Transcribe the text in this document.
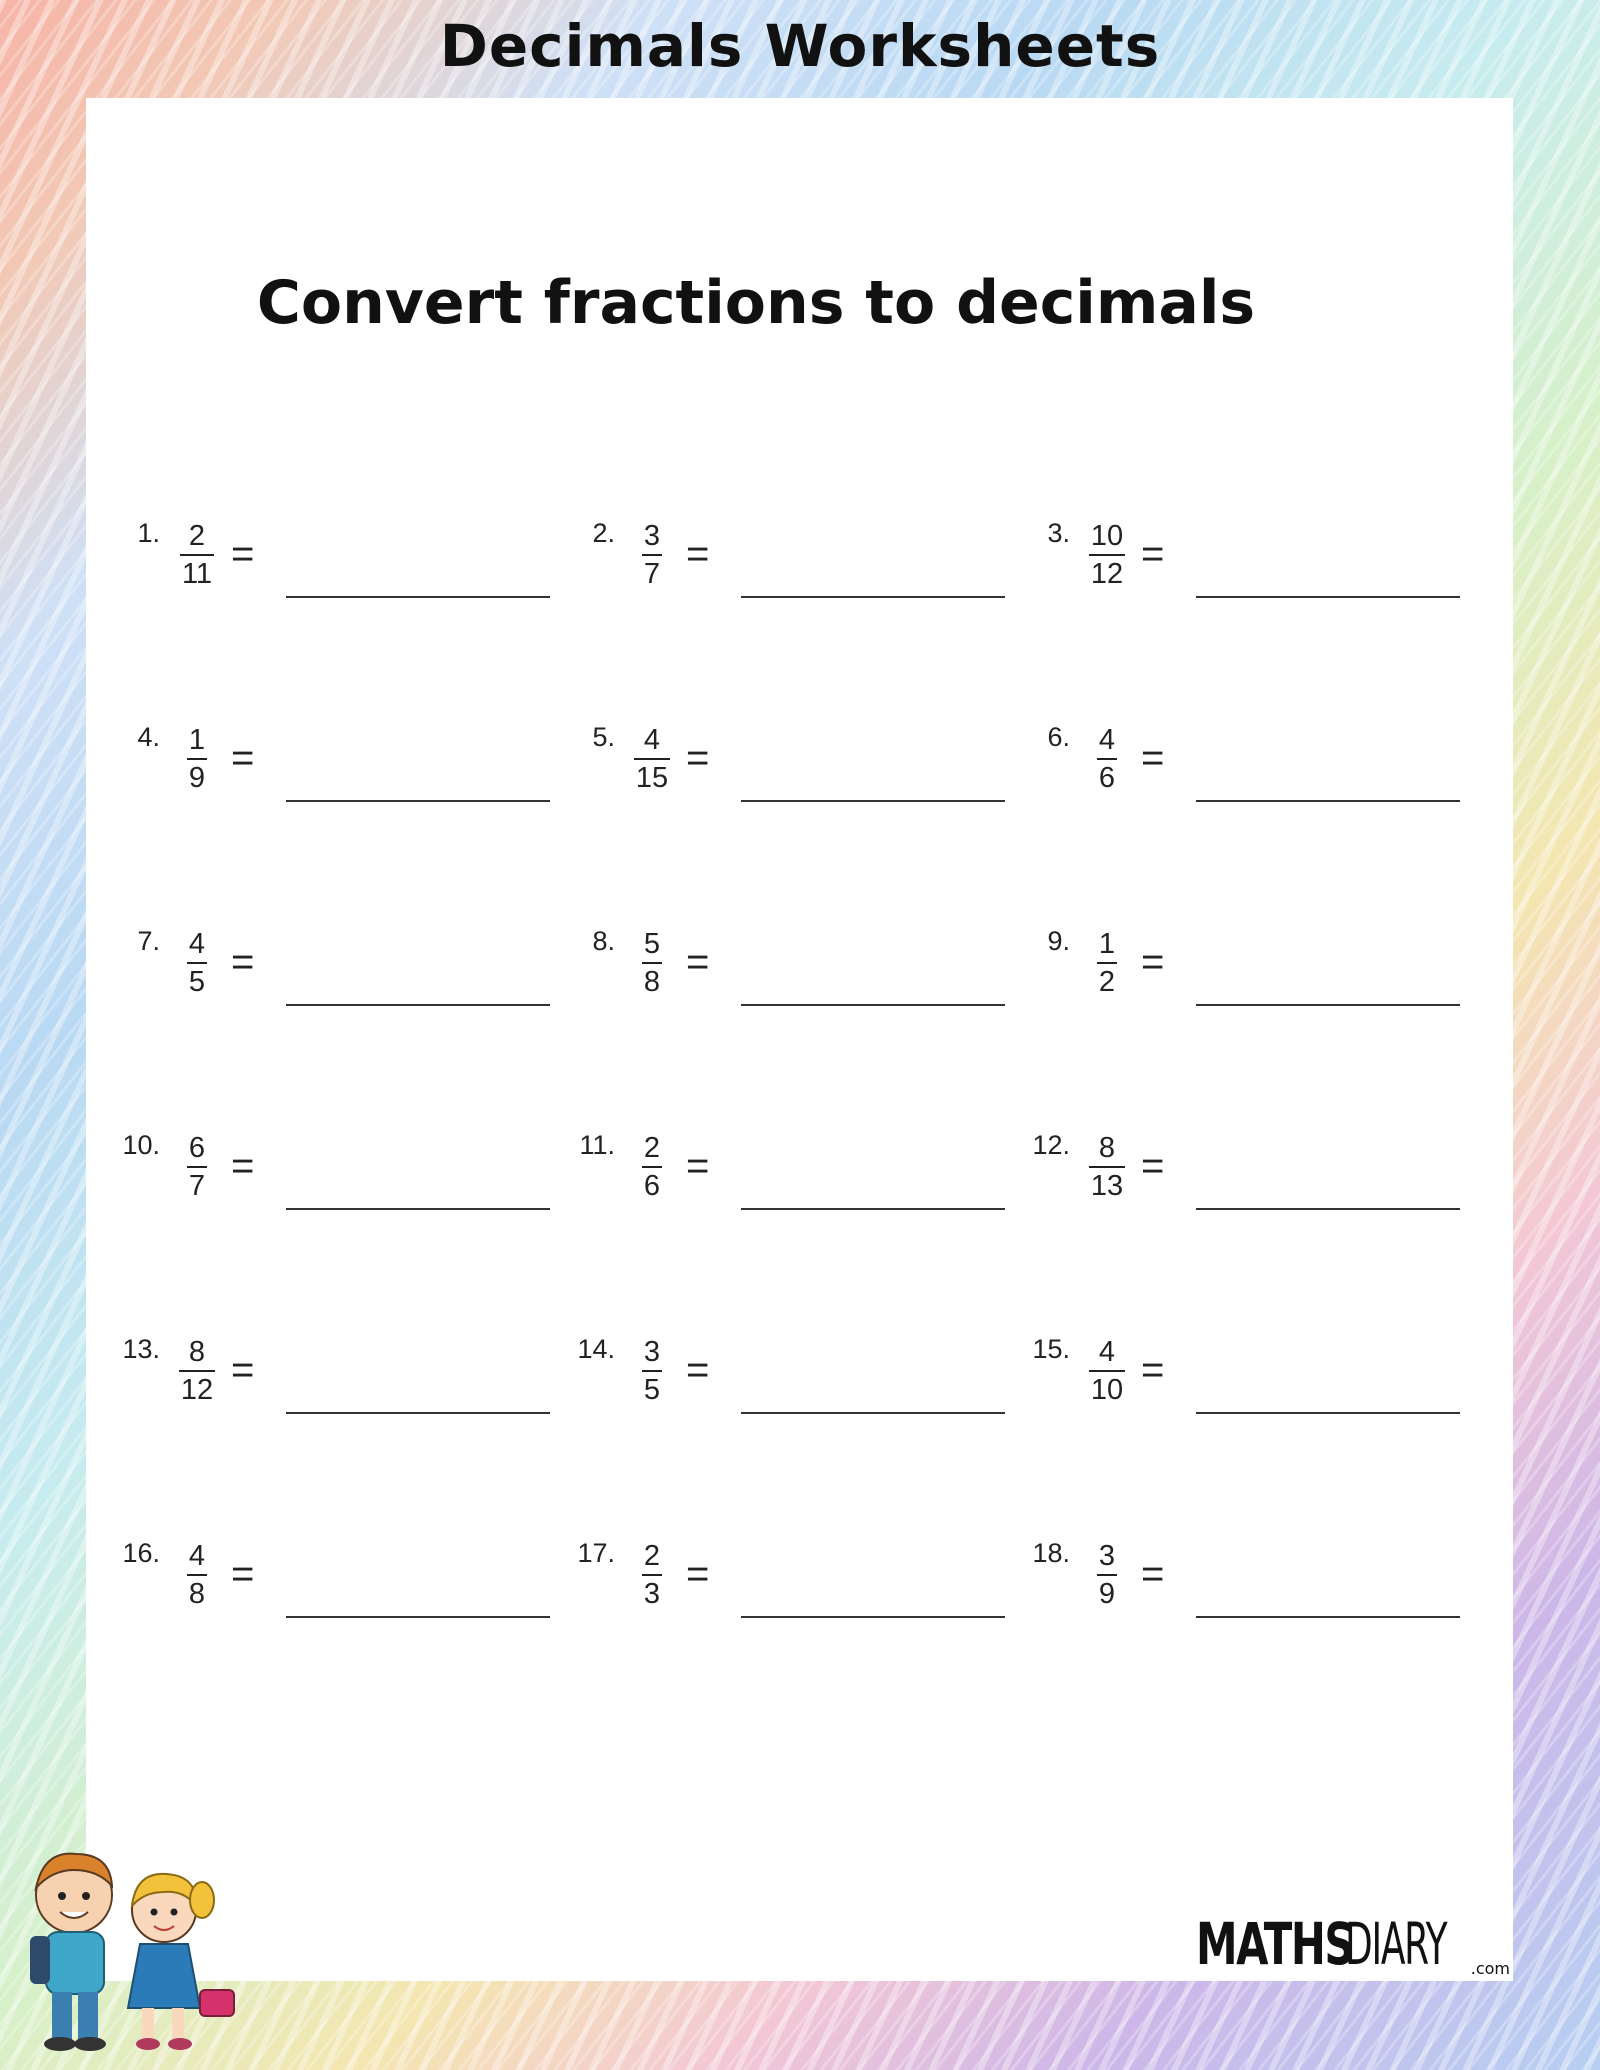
Decimals Worksheets
Convert fractions to decimals
1. $\frac{2}{11}$ =	2. $\frac{3}{7}$ =	3. $\frac{10}{12}$ =
4. $\frac{1}{9}$ =	5. $\frac{4}{15}$ =	6. $\frac{4}{6}$ =
7. $\frac{4}{5}$ =	8. $\frac{5}{8}$ =	9. $\frac{1}{2}$ =
10. $\frac{6}{7}$ =	11. $\frac{2}{6}$ =	12. $\frac{8}{13}$ =
13. $\frac{8}{12}$ =	14. $\frac{3}{5}$ =	15. $\frac{4}{10}$ =
16. $\frac{4}{8}$ =	17. $\frac{2}{3}$ =	18. $\frac{3}{9}$ =
MATHS
DIARY .com
